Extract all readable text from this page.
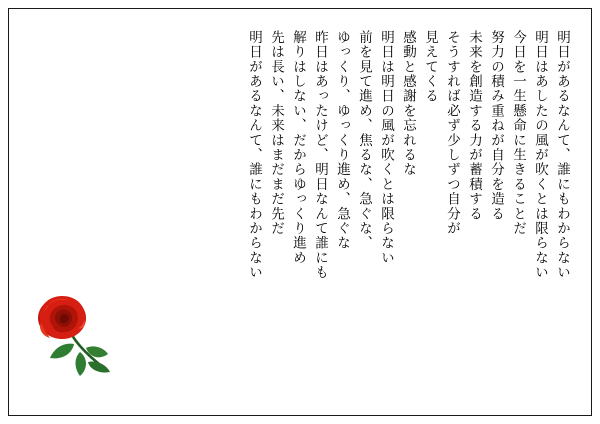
明日があるなんて、誰にもわからない
明日はあしたの風が吹くとは限らない
今日を一生懸命に生きることだ
努力の積み重ねが自分を造る
未来を創造する力が蓄積する
そうすれば必ず少しずつ自分が
見えてくる
感動と感謝を忘れるな
明日は明日の風が吹くとは限らない
前を見て進め、焦るな、急ぐな、
ゆっくり、ゆっくり進め、急ぐな
昨日はあったけど、明日なんて誰にも
解りはしない、だからゆっくり進め
先は長い、未来はまだまだ先だ
明日があるなんて、誰にもわからない
